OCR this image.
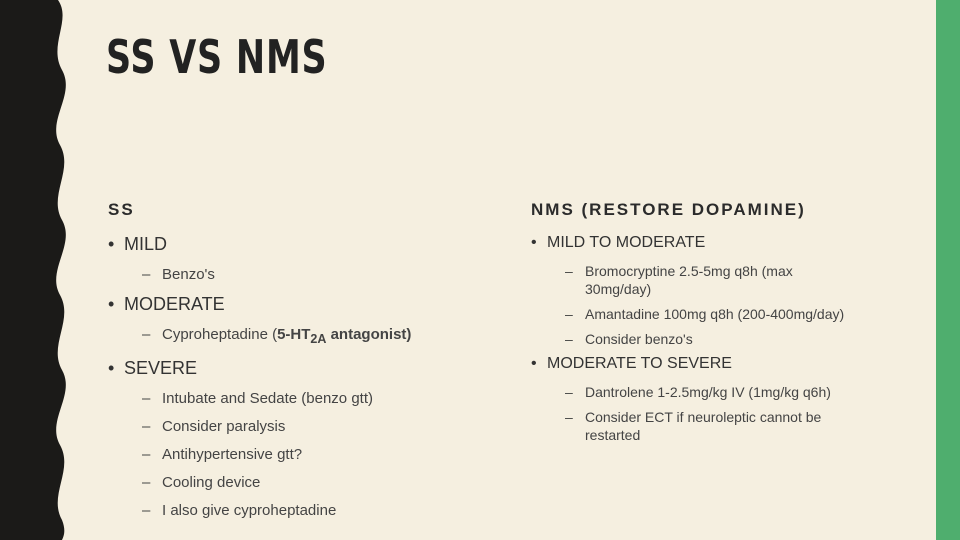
SS VS NMS
SS	NMS (RESTORE DOPAMINE)
• MILD
– Benzo's
• MODERATE
– Cyproheptadine ($5-HT_{2A}$ antagonist)
• SEVERE
– Intubate and Sedate (benzo gtt)
– Consider paralysis
– Antihypertensive gtt?
– Cooling device
– I also give cyproheptadine
• MILD TO MODERATE
– Bromocryptine 2.5-5mg q8h (max 30mg/day)
– Amantadine 100mg q8h (200-400mg/day)
– Consider benzo's
• MODERATE TO SEVERE
– Dantrolene 1-2.5mg/kg IV (1mg/kg q6h)
– Consider ECT if neuroleptic cannot be restarted
